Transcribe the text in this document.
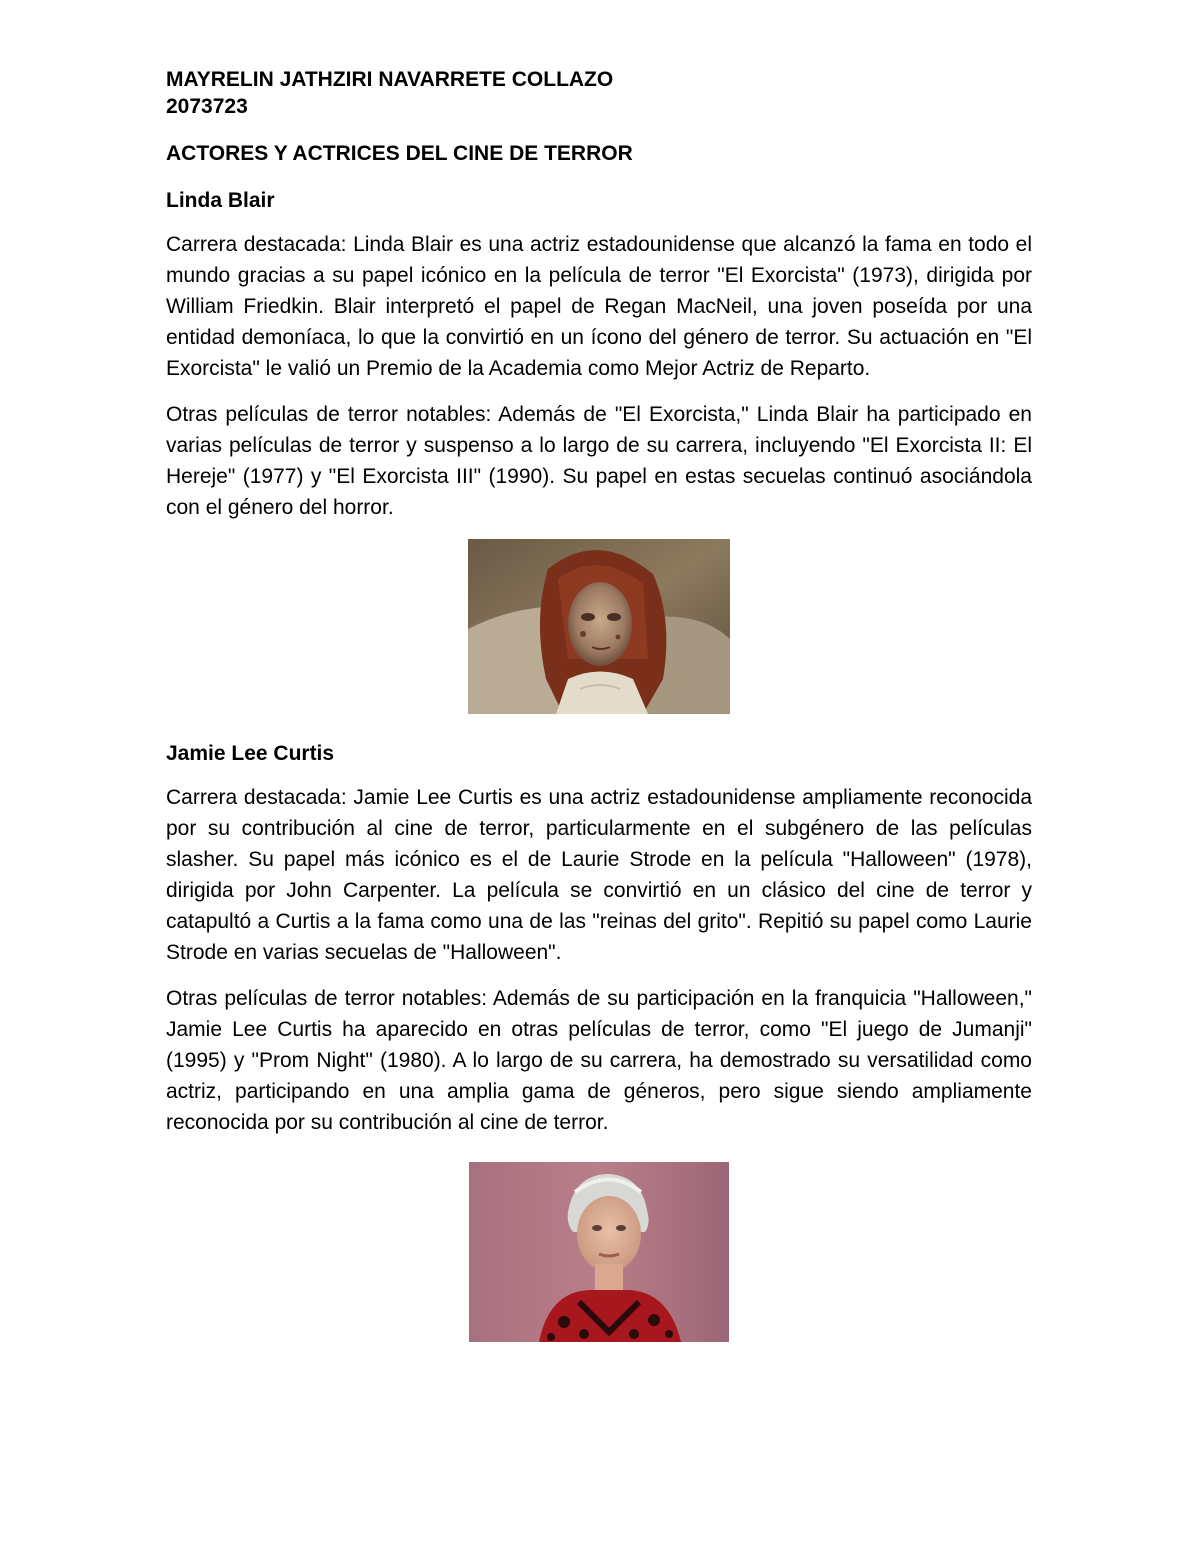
MAYRELIN JATHZIRI NAVARRETE COLLAZO

2073723

ACTORES Y ACTRICES DEL CINE DE TERROR

Linda Blair

Carrera destacada: Linda Blair es una actriz estadounidense que alcanzó la fama en todo el mundo gracias a su papel icónico en la película de terror "El Exorcista" (1973), dirigida por William Friedkin. Blair interpretó el papel de Regan MacNeil, una joven poseída por una entidad demoníaca, lo que la convirtió en un ícono del género de terror. Su actuación en "El Exorcista" le valió un Premio de la Academia como Mejor Actriz de Reparto.

Otras películas de terror notables: Además de "El Exorcista," Linda Blair ha participado en varias películas de terror y suspenso a lo largo de su carrera, incluyendo "El Exorcista II: El Hereje" (1977) y "El Exorcista III" (1990). Su papel en estas secuelas continuó asociándola con el género del horror.

Jamie Lee Curtis

Carrera destacada: Jamie Lee Curtis es una actriz estadounidense ampliamente reconocida por su contribución al cine de terror, particularmente en el subgénero de las películas slasher. Su papel más icónico es el de Laurie Strode en la película "Halloween" (1978), dirigida por John Carpenter. La película se convirtió en un clásico del cine de terror y catapultó a Curtis a la fama como una de las "reinas del grito". Repitió su papel como Laurie Strode en varias secuelas de "Halloween".

Otras películas de terror notables: Además de su participación en la franquicia "Halloween," Jamie Lee Curtis ha aparecido en otras películas de terror, como "El juego de Jumanji" (1995) y "Prom Night" (1980). A lo largo de su carrera, ha demostrado su versatilidad como actriz, participando en una amplia gama de géneros, pero sigue siendo ampliamente reconocida por su contribución al cine de terror.
